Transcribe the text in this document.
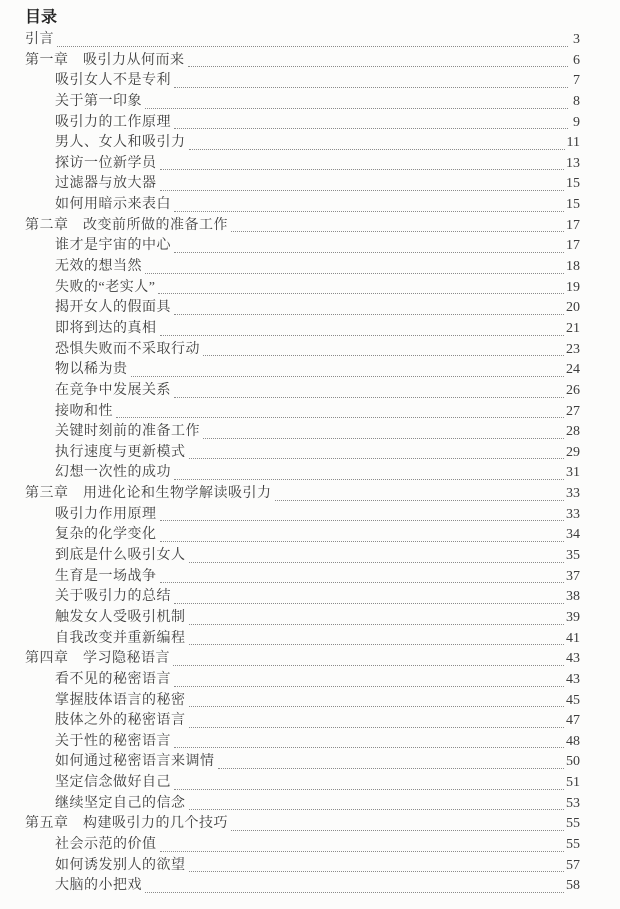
目录
引言	3
第一章　吸引力从何而来	6
吸引女人不是专利	7
关于第一印象	8
吸引力的工作原理	9
男人、女人和吸引力	11
探访一位新学员	13
过滤器与放大器	15
如何用暗示来表白	15
第二章　改变前所做的准备工作	17
谁才是宇宙的中心	17
无效的想当然	18
失败的“老实人”	19
揭开女人的假面具	20
即将到达的真相	21
恐惧失败而不采取行动	23
物以稀为贵	24
在竞争中发展关系	26
接吻和性	27
关键时刻前的准备工作	28
执行速度与更新模式	29
幻想一次性的成功	31
第三章　用进化论和生物学解读吸引力	33
吸引力作用原理	33
复杂的化学变化	34
到底是什么吸引女人	35
生育是一场战争	37
关于吸引力的总结	38
触发女人受吸引机制	39
自我改变并重新编程	41
第四章　学习隐秘语言	43
看不见的秘密语言	43
掌握肢体语言的秘密	45
肢体之外的秘密语言	47
关于性的秘密语言	48
如何通过秘密语言来调情	50
坚定信念做好自己	51
继续坚定自己的信念	53
第五章　构建吸引力的几个技巧	55
社会示范的价值	55
如何诱发别人的欲望	57
大脑的小把戏	58
